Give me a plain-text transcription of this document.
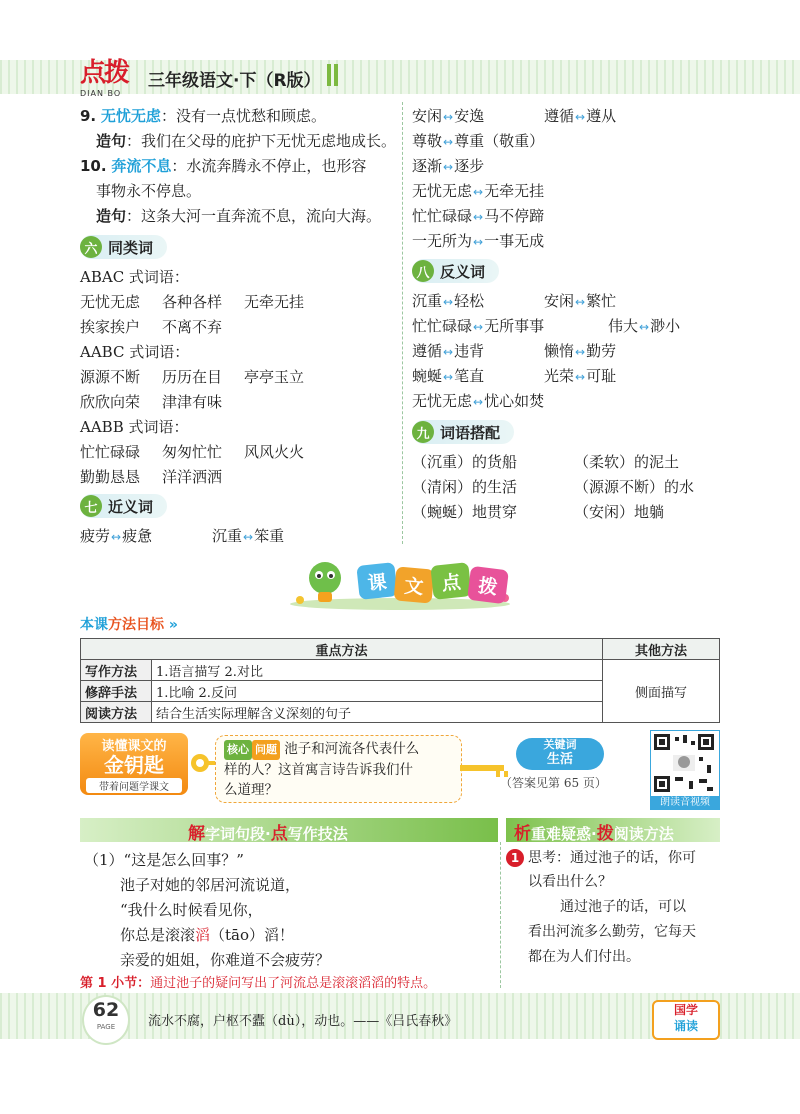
点拨
DIAN BO
三年级语文·下（R版）
9. 无忧无虑：没有一点忧愁和顾虑。
造句：我们在父母的庇护下无忧无虑地成长。
10. 奔流不息：水流奔腾永不停止，也形容
事物永不停息。
造句：这条大河一直奔流不息，流向大海。
六 同类词
ABAC 式词语：
无忧无虑 各种各样 无牵无挂
挨家挨户 不离不弃
AABC 式词语：
源源不断 历历在目 亭亭玉立
欣欣向荣 津津有味
AABB 式词语：
忙忙碌碌 匆匆忙忙 风风火火
勤勤恳恳 洋洋洒洒
七 近义词
疲劳↔疲惫	沉重↔笨重
安闲↔安逸	遵循↔遵从
尊敬↔尊重（敬重）
逐渐↔逐步
无忧无虑↔无牵无挂
忙忙碌碌↔马不停蹄
一无所为↔一事无成
八 反义词
沉重↔轻松	安闲↔繁忙
忙忙碌碌↔无所事事	伟大↔渺小
遵循↔违背	懒惰↔勤劳
蜿蜒↔笔直	光荣↔可耻
无忧无虑↔忧心如焚
九 词语搭配
（沉重）的货船	（柔软）的泥土
（清闲）的生活	（源源不断）的水
（蜿蜒）地贯穿	（安闲）地躺
课 文 点 拨
本课方法目标 »
重点方法		其他方法
写作方法	1.语言描写 2.对比	侧面描写
修辞手法	1.比喻 2.反问	
阅读方法	结合生活实际理解含义深刻的句子	
读懂课文的
金钥匙
带着问题学课文
核心 问题 池子和河流各代表什么
样的人？这首寓言诗告诉我们什
么道理？
关键词
生活
（答案见第 65 页）
朗读音视频
解字词句段·点写作技法	析重难疑惑·拨阅读方法
（1）“这是怎么回事？”
池子对她的邻居河流说道，
“我什么时候看见你，
你总是滚滚滔（tāo）滔！
亲爱的姐姐，你难道不会疲劳？
第 1 小节：通过池子的疑问写出了河流总是滚滚滔滔的特点。
1 思考：通过池子的话，你可
以看出什么？
通过池子的话，可以
看出河流多么勤劳，它每天
都在为人们付出。
62
PAGE	流水不腐，户枢不蠹（dù），动也。——《吕氏春秋》
国学
诵读
